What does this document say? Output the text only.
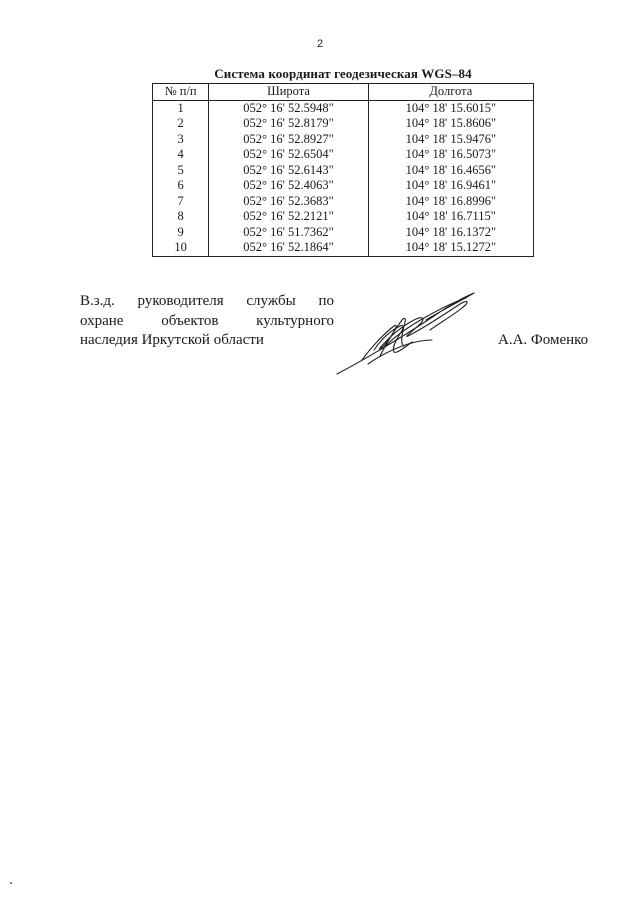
2
Система координат геодезическая WGS–84
№ п/п	Широта	Долгота
1	052° 16' 52.5948"	104° 18' 15.6015"
2	052° 16' 52.8179"	104° 18' 15.8606"
3	052° 16' 52.8927"	104° 18' 15.9476"
4	052° 16' 52.6504"	104° 18' 16.5073"
5	052° 16' 52.6143"	104° 18' 16.4656"
6	052° 16' 52.4063"	104° 18' 16.9461"
7	052° 16' 52.3683"	104° 18' 16.8996"
8	052° 16' 52.2121"	104° 18' 16.7115"
9	052° 16' 51.7362"	104° 18' 16.1372"
10	052° 16' 52.1864"	104° 18' 15.1272"
В.з.д. руководителя службы по
охране	объектов	культурного
наследия Иркутской области	А.А. Фоменко
